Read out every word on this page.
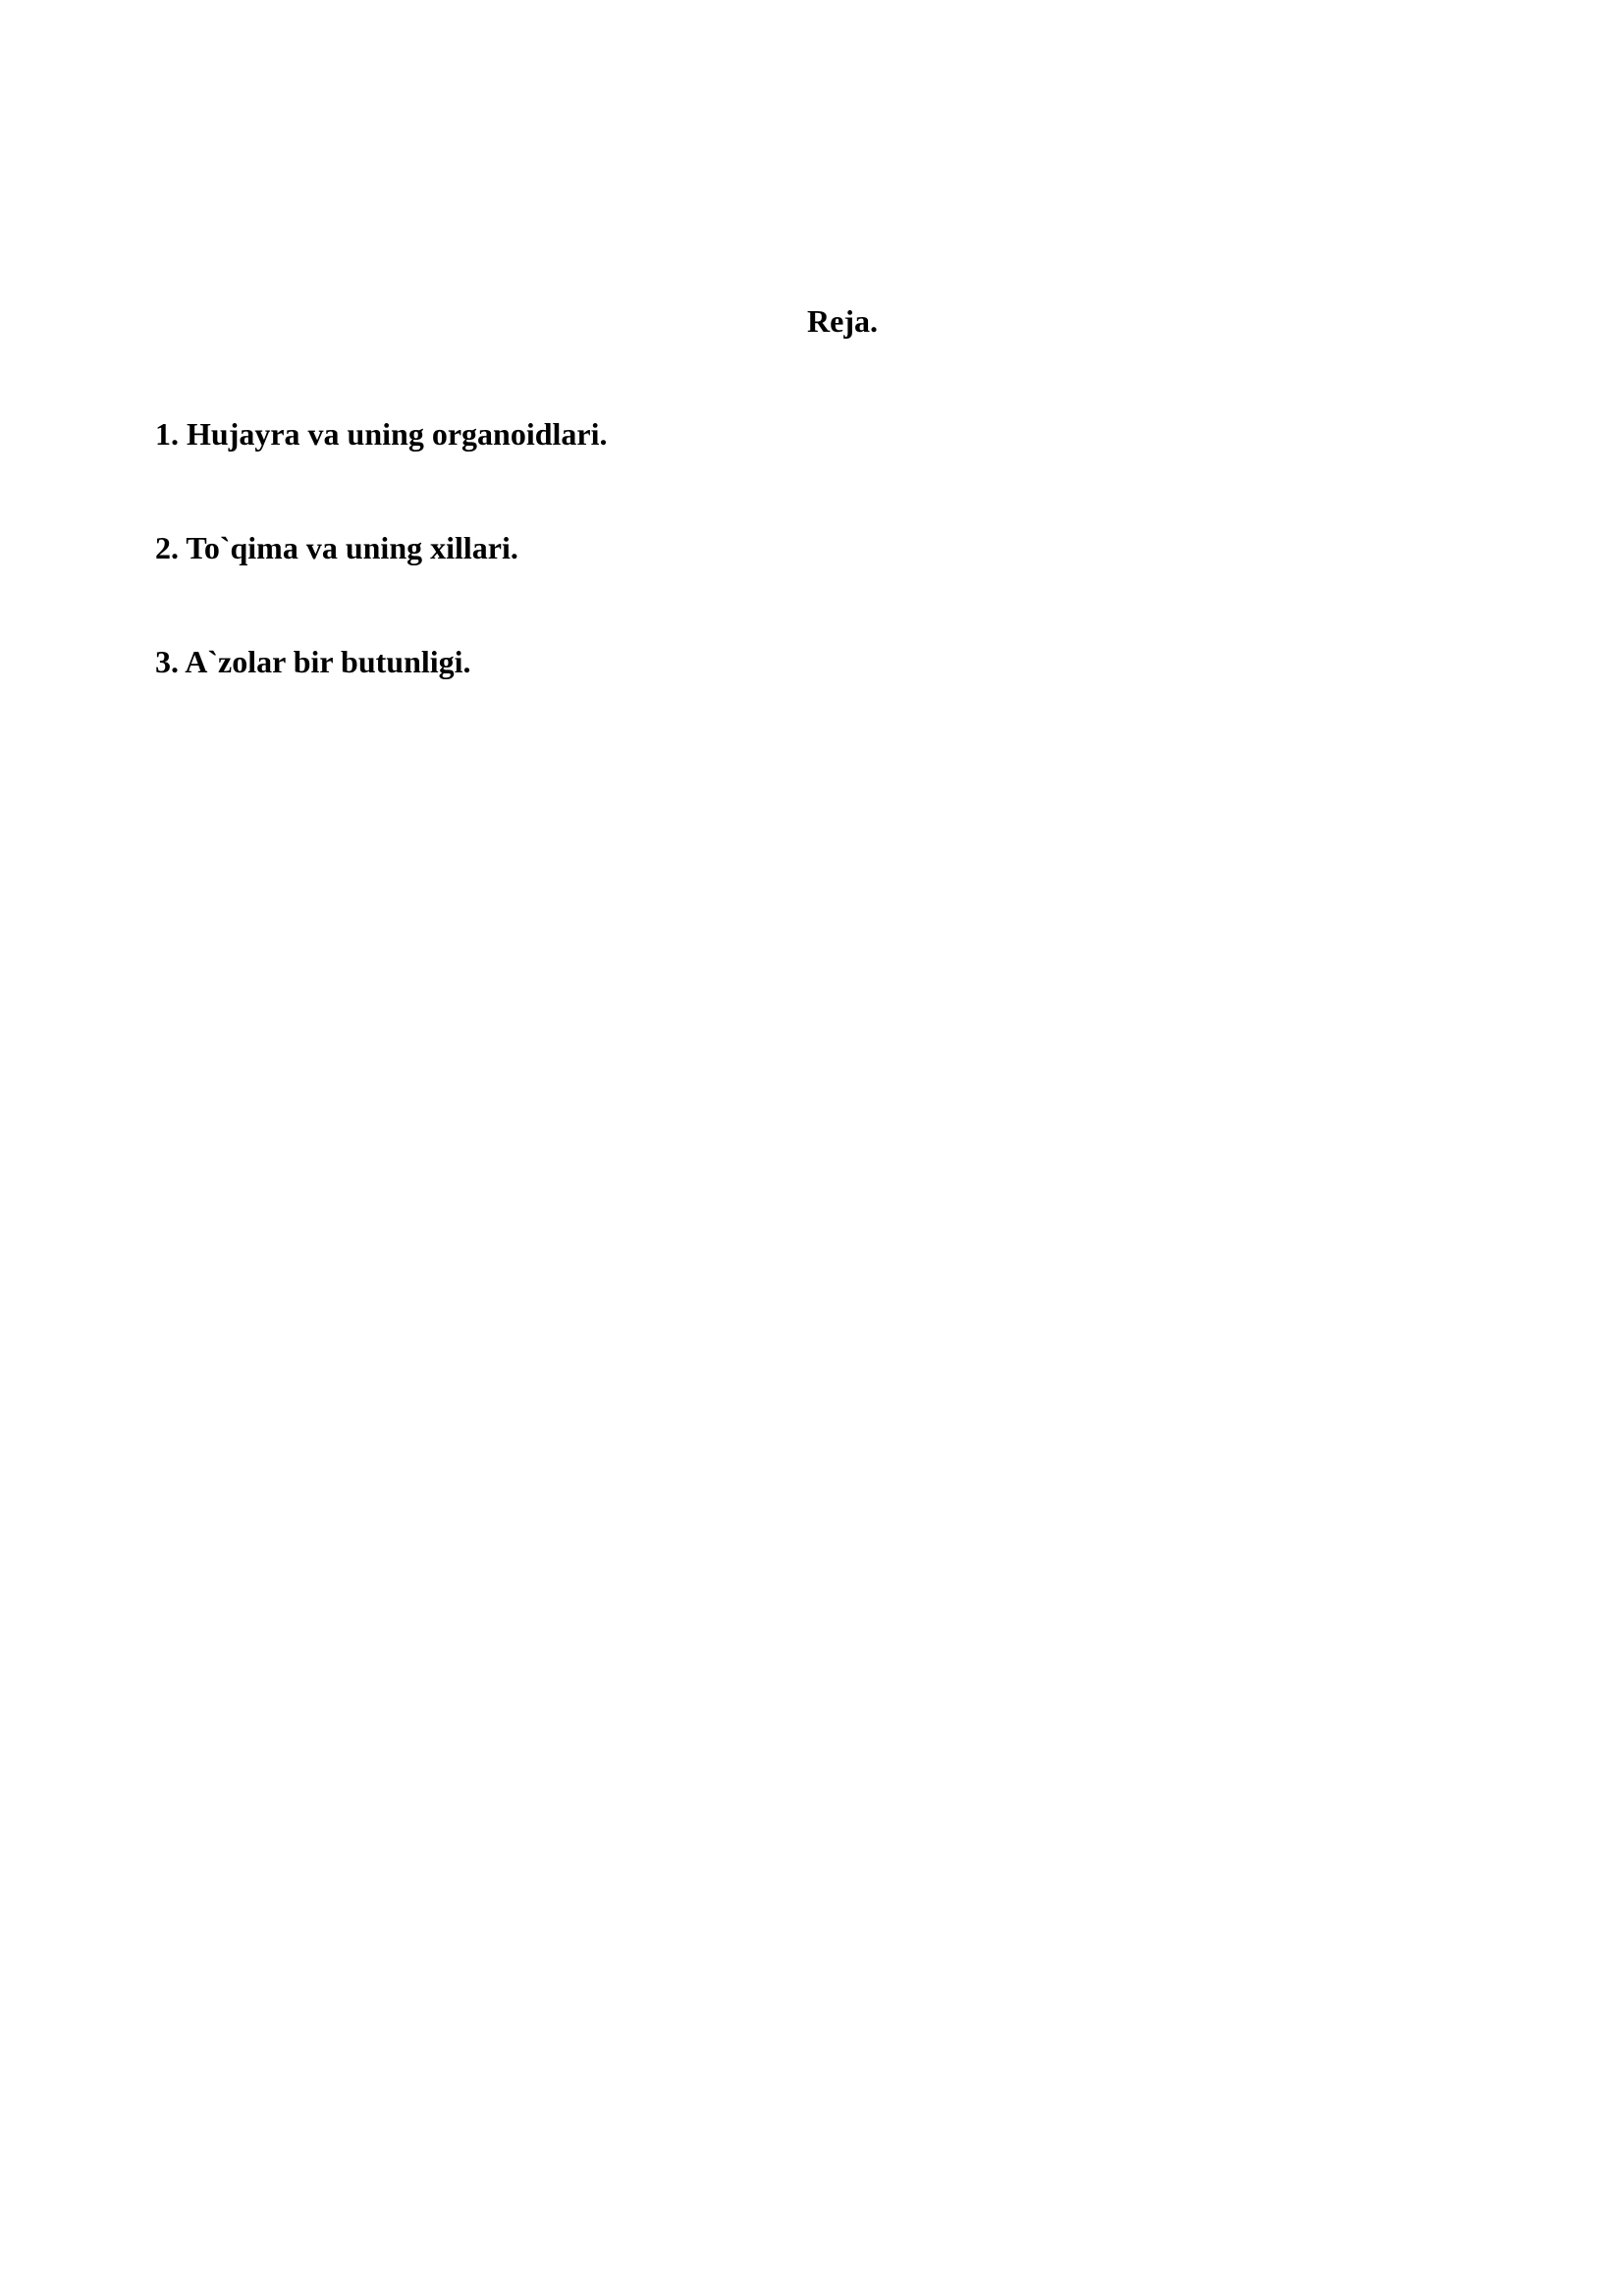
Reja.
1. Hujayra va uning organoidlari.
2. To`qima va uning xillari.
3. A`zolar bir butunligi.
